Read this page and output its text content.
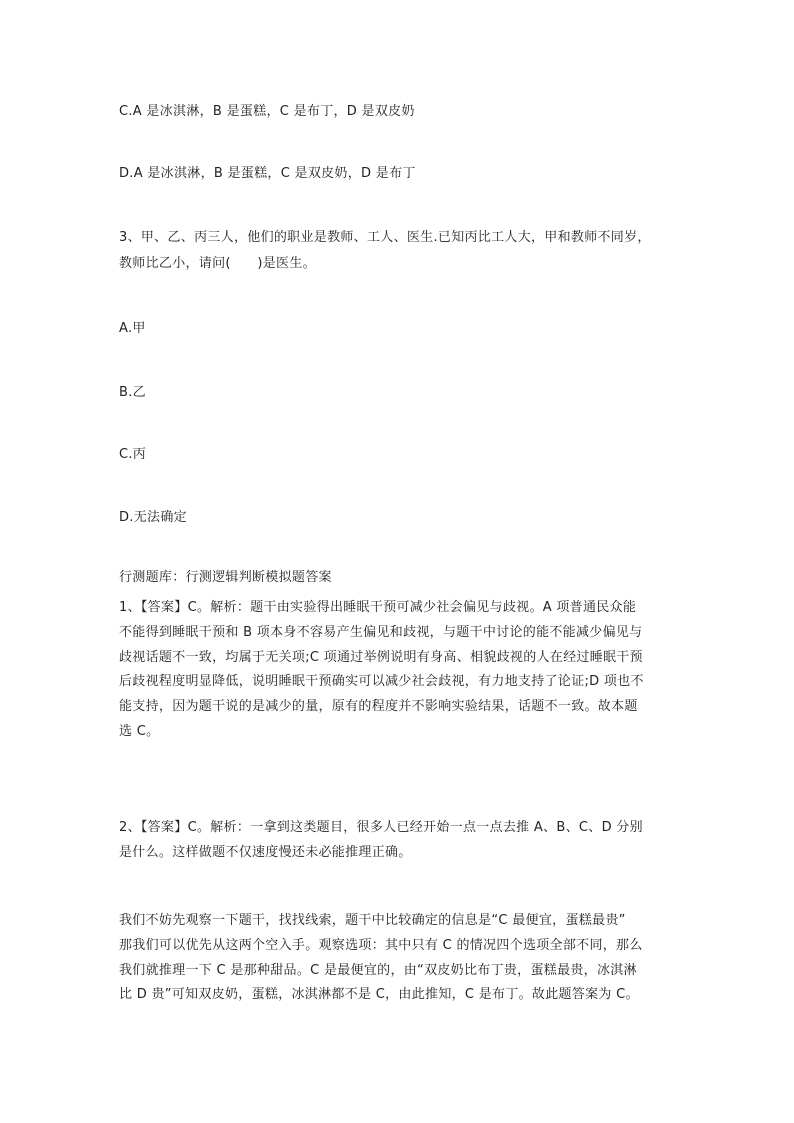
C.A 是冰淇淋，B 是蛋糕，C 是布丁，D 是双皮奶
D.A 是冰淇淋，B 是蛋糕，C 是双皮奶，D 是布丁
3、甲、乙、丙三人，他们的职业是教师、工人、医生.已知丙比工人大，甲和教师不同岁，
教师比乙小，请问(　　)是医生。
A.甲
B.乙
C.丙
D.无法确定
行测题库：行测逻辑判断模拟题答案
1、【答案】C。解析：题干由实验得出睡眠干预可减少社会偏见与歧视。A 项普通民众能
不能得到睡眠干预和 B 项本身不容易产生偏见和歧视，与题干中讨论的能不能减少偏见与
歧视话题不一致，均属于无关项;C 项通过举例说明有身高、相貌歧视的人在经过睡眠干预
后歧视程度明显降低，说明睡眠干预确实可以减少社会歧视，有力地支持了论证;D 项也不
能支持，因为题干说的是减少的量，原有的程度并不影响实验结果，话题不一致。故本题
选 C。
2、【答案】C。解析：一拿到这类题目，很多人已经开始一点一点去推 A、B、C、D 分别
是什么。这样做题不仅速度慢还未必能推理正确。
我们不妨先观察一下题干，找找线索，题干中比较确定的信息是“C 最便宜，蛋糕最贵”
那我们可以优先从这两个空入手。观察选项：其中只有 C 的情况四个选项全部不同，那么
我们就推理一下 C 是那种甜品。C 是最便宜的，由“双皮奶比布丁贵，蛋糕最贵，冰淇淋
比 D 贵”可知双皮奶，蛋糕，冰淇淋都不是 C，由此推知，C 是布丁。故此题答案为 C。
